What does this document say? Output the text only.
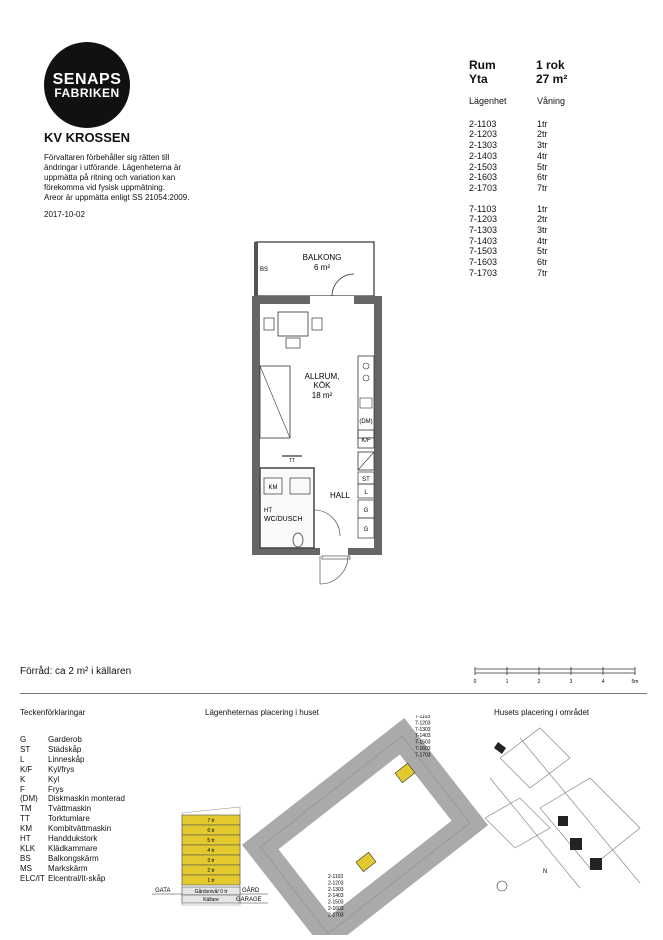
SENAPS
FABRIKEN
KV KROSSEN
Förvaltaren förbehåller sig rätten till
ändringar i utförande. Lägenheterna är
uppmätta på ritning och variation kan
förekomma vid fysisk uppmätning.
Areor är uppmätta enligt SS 21054:2009.
2017-10-02
Rum	1 rok
Yta	27 m²
Lägenhet	Våning
2-1103	1tr
2-1203	2tr
2-1303	3tr
2-1403	4tr
2-1503	5tr
2-1603	6tr
2-1703	7tr
7-1103	1tr
7-1203	2tr
7-1303	3tr
7-1403	4tr
7-1503	5tr
7-1603	6tr
7-1703	7tr
BS
BALKONG
6 m²
ALLRUM,
KÖK
18 m²
(DM)
K/F
TT
KM
HT
WC/DUSCH
ST
L
G
G
HALL
Förråd: ca 2 m² i källaren
0	1	2	3	4	5m
Teckenförklaringar
G	Garderob
ST	Städskåp
L	Linneskåp
K/F	Kyl/frys
K	Kyl
F	Frys
(DM)	Diskmaskin monterad
TM	Tvättmaskin
TT	Torktumlare
KM	Kombitvättmaskin
HT	Handdukstork
KLK	Klädkammare
BS	Balkongskärm
MS	Markskärm
ELC/IT Elcentral/It-skåp
Lägenheternas placering i huset
7 tr
6 tr
5 tr
4 tr
3 tr
2 tr
1 tr
Gårdsnivå/ 0 tr
Källare
GATA	GÅRD
GARAGE
7-1103
7-1203
7-1303
7-1403
7-1503
7-1603
7-1703
2-1103
2-1203
2-1303
2-1403
2-1503
2-1603
2-1703
Husets placering i området
N
